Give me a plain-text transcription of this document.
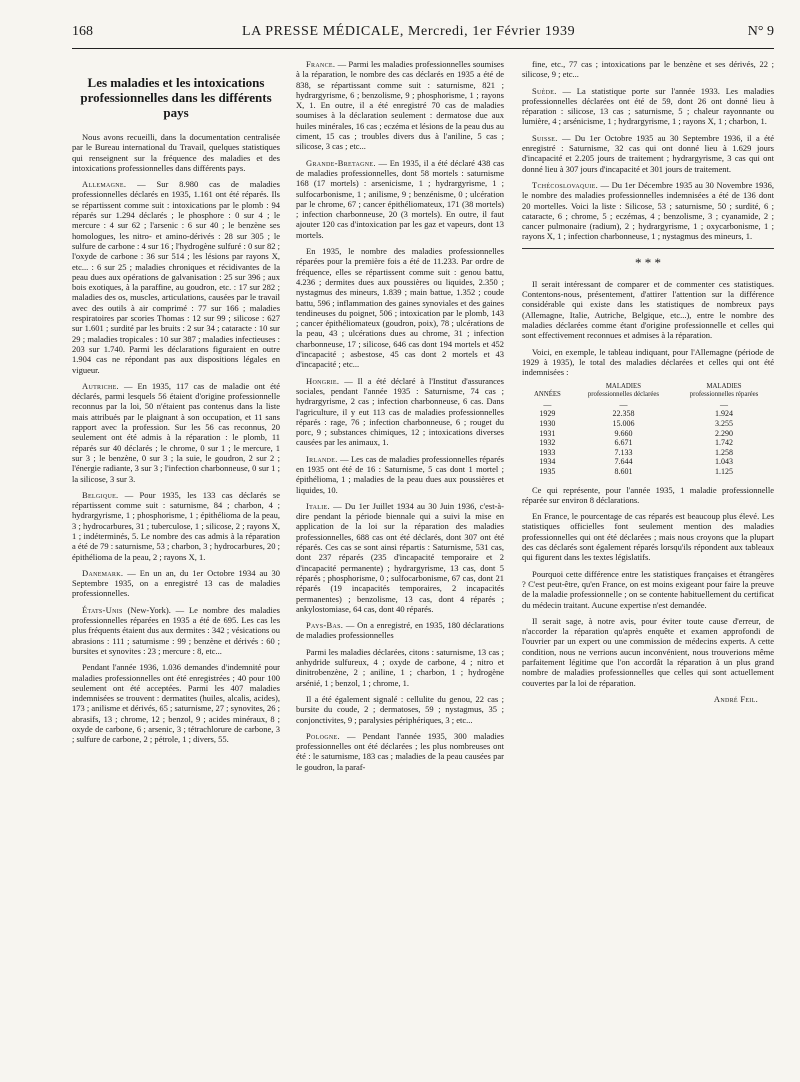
168	LA PRESSE MÉDICALE, Mercredi, 1er Février 1939	N° 9
Les maladies et les intoxications professionnelles dans les différents pays

Nous avons recueilli, dans la documentation centralisée par le Bureau international du Travail, quelques statistiques qui renseignent sur la fréquence des maladies et des intoxications professionnelles dans différents pays.

Allemagne. — Sur 8.980 cas de maladies professionnelles déclarés en 1935, 1.161 ont été réparés. Ils se répartissent comme suit : intoxications par le plomb : 94 réparés sur 1.294 déclarés ; le phosphore : 0 sur 4 ; le mercure : 4 sur 62 ; l'arsenic : 6 sur 40 ; le benzène ses homologues, les nitro- et amino-dérivés : 28 sur 305 ; le sulfure de carbone : 4 sur 16 ; l'hydrogène sulfuré : 0 sur 82 ; l'oxyde de carbone : 36 sur 514 ; les lésions par rayons X, etc... : 6 sur 25 ; maladies chroniques et récidivantes de la peau dues aux opérations de galvanisation : 25 sur 396 ; aux bois exotiques, à la paraffine, au goudron, etc. : 17 sur 282 ; maladies des os, muscles, articulations, causées par le travail avec des outils à air comprimé : 77 sur 166 ; maladies respiratoires par scories Thomas : 12 sur 99 ; silicose : 627 sur 1.601 ; surdité par les bruits : 2 sur 34 ; cataracte : 10 sur 29 ; maladies tropicales : 10 sur 387 ; maladies infectieuses : 203 sur 1.740. Parmi les déclarations figuraient en outre 1.904 cas ne répondant pas aux dispositions légales en vigueur.

Autriche. — En 1935, 117 cas de maladie ont été déclarés, parmi lesquels 56 étaient d'origine professionnelle reconnus par la loi, 50 n'étaient pas contenus dans la liste mais attribués par le plaignant à son occupation, et 11 sans rapport avec la profession. Sur les 56 cas reconnus, 20 seulement ont été admis à la réparation : le plomb, 11 réparés sur 40 déclarés ; le chrome, 0 sur 1 ; le mercure, 1 sur 3 ; le benzène, 0 sur 3 ; la suie, le goudron, 2 sur 2 ; l'énergie radiante, 3 sur 3 ; l'infection charbonneuse, 0 sur 1 ; la silicose, 3 sur 3.

Belgique. — Pour 1935, les 133 cas déclarés se répartissent comme suit : saturnisme, 84 ; charbon, 4 ; hydrargyrisme, 1 ; phosphorisme, 1 ; épithélioma de la peau, 3 ; hydrocarbures, 31 ; tuberculose, 1 ; silicose, 2 ; rayons X, 1 ; indéterminés, 5. Le nombre des cas admis à la réparation a été de 79 : saturnisme, 53 ; charbon, 3 ; hydrocarbures, 20 ; épithélioma de la peau, 2 ; rayons X, 1.

Danemark. — En un an, du 1er Octobre 1934 au 30 Septembre 1935, on a enregistré 13 cas de maladies professionnelles.

États-Unis (New-York). — Le nombre des maladies professionnelles réparées en 1935 a été de 695. Les cas les plus fréquents étaient dus aux dermites : 342 ; vésications ou abrasions : 111 ; saturnisme : 99 ; benzène et dérivés : 60 ; bursites et synovites : 23 ; mercure : 8, etc...

Pendant l'année 1936, 1.036 demandes d'indemnité pour maladies professionnelles ont été enregistrées ; 40 pour 100 seulement ont été acceptées. Parmi les 407 maladies indemnisées se trouvent : dermatites (huiles, alcalis, acides), 173 ; anilisme et dérivés, 65 ; saturnisme, 27 ; synovites, 26 ; abrasifs, 13 ; chrome, 12 ; benzol, 9 ; acides minéraux, 8 ; oxyde de carbone, 6 ; arsenic, 3 ; tétrachlorure de carbone, 3 ; sulfure de carbone, 2 ; pétrole, 1 ; divers, 55.

France. — Parmi les maladies professionnelles soumises à la réparation, le nombre des cas déclarés en 1935 a été de 838, se répartissant comme suit : saturnisme, 821 ; hydrargyrisme, 6 ; benzolisme, 9 ; phosphorisme, 1 ; rayons X, 1. En outre, il a été enregistré 70 cas de maladies soumises à la déclaration seulement : dermatose due aux huiles minérales, 16 cas ; eczéma et lésions de la peau dus au ciment, 15 cas ; troubles divers dus à l'aniline, 5 cas ; silicose, 3 cas ; etc...

Grande-Bretagne. — En 1935, il a été déclaré 438 cas de maladies professionnelles, dont 58 mortels : saturnisme 168 (17 mortels) : arsenicisme, 1 ; hydrargyrisme, 1 ; sulfocarbonisme, 1 ; anilisme, 9 ; benzénisme, 0 ; ulcération par le chrome, 67 ; cancer épithéliomateux, 171 (38 mortels) ; infection charbonneuse, 20 (3 mortels). En outre, il faut ajouter 120 cas d'intoxication par les gaz et vapeurs, dont 13 mortels.

En 1935, le nombre des maladies professionnelles réparées pour la première fois a été de 11.233. Par ordre de fréquence, elles se répartissent comme suit : genou battu, 4.236 ; dermites dues aux poussières ou liquides, 2.350 ; nystagmus des mineurs, 1.839 ; main battue, 1.352 ; coude battu, 596 ; inflammation des gaines synoviales et des gaines tendineuses du poignet, 506 ; intoxication par le plomb, 143 ; cancer épithéliomateux (goudron, poix), 78 ; ulcérations de la peau, 43 ; ulcérations dues au chrome, 31 ; infection charbonneuse, 17 ; silicose, 646 cas dont 194 mortels et 452 d'incapacité ; asbestose, 45 cas dont 2 mortels et 43 d'incapacité ; etc...

Hongrie. — Il a été déclaré à l'Institut d'assurances sociales, pendant l'année 1935 : Saturnisme, 74 cas ; hydrargyrisme, 2 cas ; infection charbonneuse, 6 cas. Dans l'agriculture, il y eut 113 cas de maladies professionnelles réparés : rage, 76 ; infection charbonneuse, 6 ; rouget du porc, 9 ; substances chimiques, 12 ; intoxications diverses causées par les animaux, 1.

Irlande. — Les cas de maladies professionnelles réparés en 1935 ont été de 16 : Saturnisme, 5 cas dont 1 mortel ; épithélioma, 1 ; maladies de la peau dues aux poussières et liquides, 10.

Italie. — Du 1er Juillet 1934 au 30 Juin 1936, c'est-à-dire pendant la période biennale qui a suivi la mise en application de la loi sur la réparation des maladies professionnelles, 688 cas ont été déclarés, dont 307 ont été réparés. Ces cas se sont ainsi répartis : Saturnisme, 531 cas, dont 237 réparés (235 d'incapacité temporaire et 2 d'incapacité permanente) ; hydrargyrisme, 13 cas, dont 5 réparés ; phosphorisme, 0 ; sulfocarbonisme, 67 cas, dont 21 réparés (19 incapacités temporaires, 2 incapacités permanentes) ; benzolisme, 13 cas, dont 4 réparés ; ankylostomiase, 64 cas, dont 40 réparés.

Pays-Bas. — On a enregistré, en 1935, 180 déclarations de maladies professionnelles

Parmi les maladies déclarées, citons : saturnisme, 13 cas ; anhydride sulfureux, 4 ; oxyde de carbone, 4 ; nitro et dinitrobenzène, 2 ; aniline, 1 ; charbon, 1 ; hydrogène arsénié, 1 ; benzol, 1 ; chrome, 1.

Il a été également signalé : cellulite du genou, 22 cas ; bursite du coude, 2 ; dermatoses, 59 ; nystagmus, 35 ; conjonctivites, 9 ; paralysies périphériques, 3 ; etc...

Pologne. — Pendant l'année 1935, 300 maladies professionnelles ont été déclarées ; les plus nombreuses ont été : le saturnisme, 183 cas ; maladies de la peau causées par le goudron, la paraf-

fine, etc., 77 cas ; intoxications par le benzène et ses dérivés, 22 ; silicose, 9 ; etc...

Suède. — La statistique porte sur l'année 1933. Les maladies professionnelles déclarées ont été de 59, dont 26 ont donné lieu à réparation : silicose, 13 cas ; saturnisme, 5 ; chaleur rayonnante ou lumière, 4 ; arsénicisme, 1 ; hydrargyrisme, 1 ; rayons X, 1 ; charbon, 1.

Suisse. — Du 1er Octobre 1935 au 30 Septembre 1936, il a été enregistré : Saturnisme, 32 cas qui ont donné lieu à 1.629 jours d'incapacité et 2.205 jours de traitement ; hydrargyrisme, 3 cas qui ont donné lieu à 307 jours d'incapacité et 301 jours de traitement.

Tchécoslovaquie. — Du 1er Décembre 1935 au 30 Novembre 1936, le nombre des maladies professionnelles indemnisées a été de 136 dont 20 mortelles. Voici la liste : Silicose, 53 ; saturnisme, 50 ; surdité, 6 ; cataracte, 6 ; chrome, 5 ; eczémas, 4 ; benzolisme, 3 ; cyanamide, 2 ; cancer pulmonaire (radium), 2 ; hydrargyrisme, 1 ; oxycarbonisme, 1 ; rayons X, 1 ; infection charbonneuse, 1 ; nystagmus des mineurs, 1.

* * *

Il serait intéressant de comparer et de commenter ces statistiques. Contentons-nous, présentement, d'attirer l'attention sur la différence considérable qui existe dans les statistiques de nombreux pays (Allemagne, Italie, Autriche, Belgique, etc...), entre le nombre des maladies déclarées comme étant d'origine professionnelle et celles qui sont effectivement reconnues et admises à la réparation.

Voici, en exemple, le tableau indiquant, pour l'Allemagne (période de 1929 à 1935), le total des maladies déclarées et celles qui ont été indemnisées :

ANNÉES	MALADIES professionnelles déclarées	MALADIES professionnelles réparées
—	—	—
1929	22.358	1.924
1930	15.006	3.255
1931	9.660	2.290
1932	6.671	1.742
1933	7.133	1.258
1934	7.644	1.043
1935	8.601	1.125

Ce qui représente, pour l'année 1935, 1 maladie professionnelle réparée sur environ 8 déclarations.

En France, le pourcentage de cas réparés est beaucoup plus élevé. Les statistiques officielles font seulement mention des maladies professionnelles qui ont été déclarées ; mais nous croyons que la plupart des cas déclarés sont également réparés lorsqu'ils répondent aux tableaux qui figurent dans les textes législatifs.

Pourquoi cette différence entre les statistiques françaises et étrangères ? C'est peut-être, qu'en France, on est moins exigeant pour faire la preuve de la maladie professionnelle ; on se contente habituellement du certificat du médecin traitant. Aucune expertise n'est demandée.

Il serait sage, à notre avis, pour éviter toute cause d'erreur, de n'accorder la réparation qu'après enquête et examen approfondi de l'ouvrier par un expert ou une commission de médecins experts. A cette condition, nous ne verrions aucun inconvénient, nous trouverions même parfaitement légitime que l'on accordât la réparation à un plus grand nombre de maladies professionnelles que celles qui sont actuellement couvertes par la loi de réparation.

André Feil.
